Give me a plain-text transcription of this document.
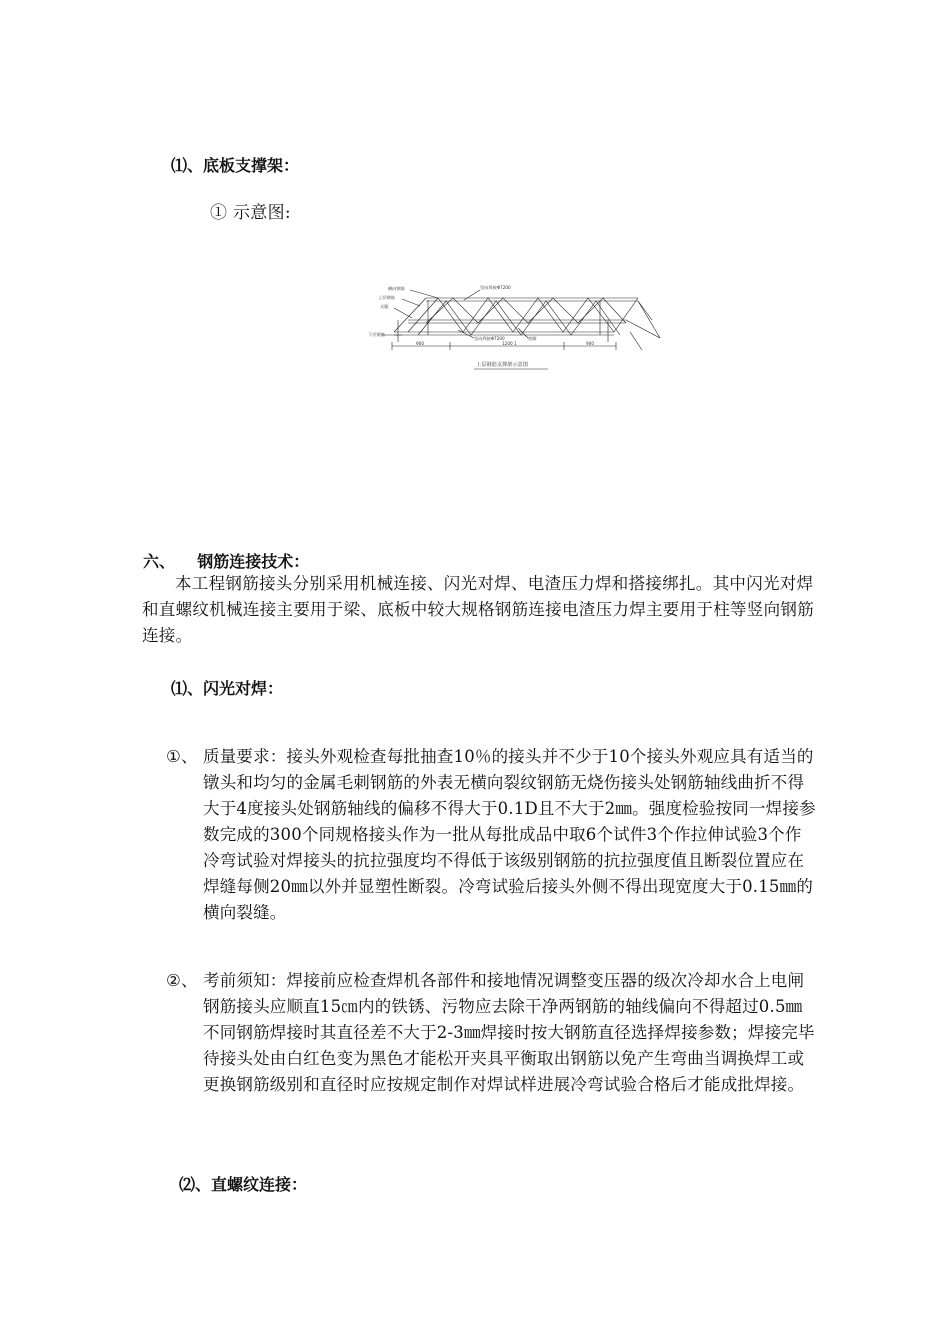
⑴、底板支撑架：
① 示意图:
横向钢筋
上层钢筋
支腿
下层钢筋
竖向焊接Φ7200
竖向焊接Φ7200	底脚
900	1200 1	900
上层钢筋支撑架示意图
六、    钢筋连接技术：
本工程钢筋接头分别采用机械连接、闪光对焊、电渣压力焊和搭接绑扎。其中闪光对焊和直螺纹机械连接主要用于梁、底板中较大规格钢筋连接电渣压力焊主要用于柱等竖向钢筋连接。
⑴、闪光对焊：
①、 质量要求：接头外观检查每批抽查10％的接头并不少于10个接头外观应具有适当的镦头和均匀的金属毛刺钢筋的外表无横向裂纹钢筋无烧伤接头处钢筋轴线曲折不得大于4度接头处钢筋轴线的偏移不得大于0.1D且不大于2㎜。强度检验按同一焊接参数完成的300个同规格接头作为一批从每批成品中取6个试件3个作拉伸试验3个作冷弯试验对焊接头的抗拉强度均不得低于该级别钢筋的抗拉强度值且断裂位置应在焊缝每侧20㎜以外并显塑性断裂。冷弯试验后接头外侧不得出现宽度大于0.15㎜的横向裂缝。
②、 考前须知：焊接前应检查焊机各部件和接地情况调整变压器的级次冷却水合上电闸钢筋接头应顺直15㎝内的铁锈、污物应去除干净两钢筋的轴线偏向不得超过0.5㎜不同钢筋焊接时其直径差不大于2-3㎜焊接时按大钢筋直径选择焊接参数；焊接完毕待接头处由白红色变为黑色才能松开夹具平衡取出钢筋以免产生弯曲当调换焊工或更换钢筋级别和直径时应按规定制作对焊试样进展冷弯试验合格后才能成批焊接。
⑵、直螺纹连接：
